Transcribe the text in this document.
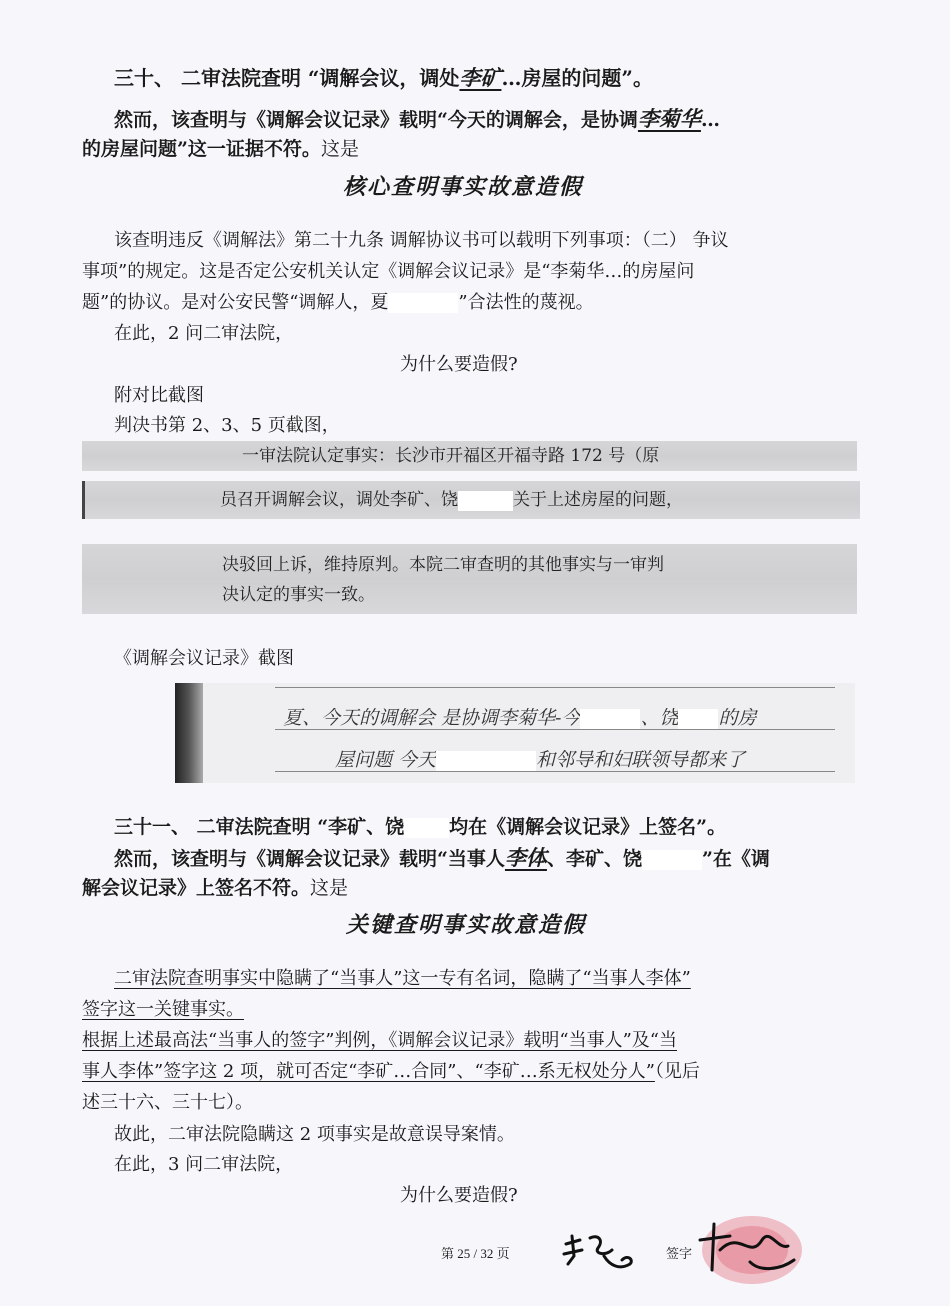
三十、 二审法院查明 “调解会议，调处李矿…房屋的问题”。
然而，该查明与《调解会议记录》载明“今天的调解会，是协调李菊华…
的房屋问题”这一证据不符。这是
核心查明事实故意造假
该查明违反《调解法》第二十九条 调解协议书可以载明下列事项：（二） 争议
事项”的规定。这是否定公安机关认定《调解会议记录》是“李菊华…的房屋问
题”的协议。是对公安民警“调解人，夏	”合法性的蔑视。
在此，2 问二审法院，
为什么要造假?
附对比截图
判决书第 2、3、5 页截图，
一审法院认定事实：长沙市开福区开福寺路 172 号（原
员召开调解会议，调处李矿、饶	关于上述房屋的问题，
决驳回上诉，维持原判。本院二审查明的其他事实与一审判
决认定的事实一致。
《调解会议记录》截图
夏、今天的调解会 是协调李菊华-今	、饶 的房
屋问题 今天	和邻导和妇联领导都来了
三十一、 二审法院查明 “李矿、饶 均在《调解会议记录》上签名”。
然而，该查明与《调解会议记录》载明“当事人李体、李矿、饶	”在《调
解会议记录》上签名不符。这是
关键查明事实故意造假
二审法院查明事实中隐瞒了“当事人”这一专有名词，隐瞒了“当事人李体”
签字这一关键事实。
根据上述最高法“当事人的签字”判例，《调解会议记录》载明“当事人”及“当
事人李体”签字这 2 项，就可否定“李矿…合同”、“李矿…系无权处分人”（见后
述三十六、三十七）。
故此，二审法院隐瞒这 2 项事实是故意误导案情。
在此，3 问二审法院，
为什么要造假?
第 25 / 32 页	签字
